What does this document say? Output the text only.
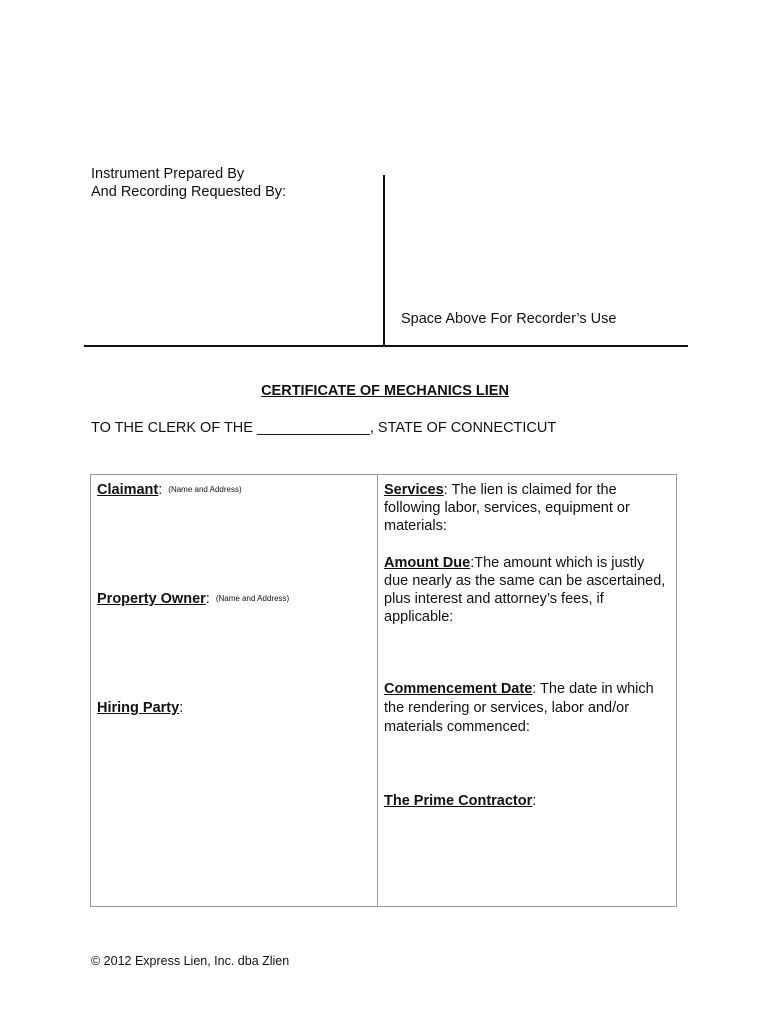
Instrument Prepared By
And Recording Requested By:
Space Above For Recorder’s Use
CERTIFICATE OF MECHANICS LIEN
TO THE CLERK OF THE ______________, STATE OF CONNECTICUT
Claimant: (Name and Address)
Property Owner: (Name and Address)
Hiring Party:
Services: The lien is claimed for the following labor, services, equipment or materials:
Amount Due:The amount which is justly due nearly as the same can be ascertained, plus interest and attorney’s fees, if applicable:
Commencement Date: The date in which the rendering or services, labor and/or materials commenced:
The Prime Contractor:
© 2012 Express Lien, Inc. dba Zlien
